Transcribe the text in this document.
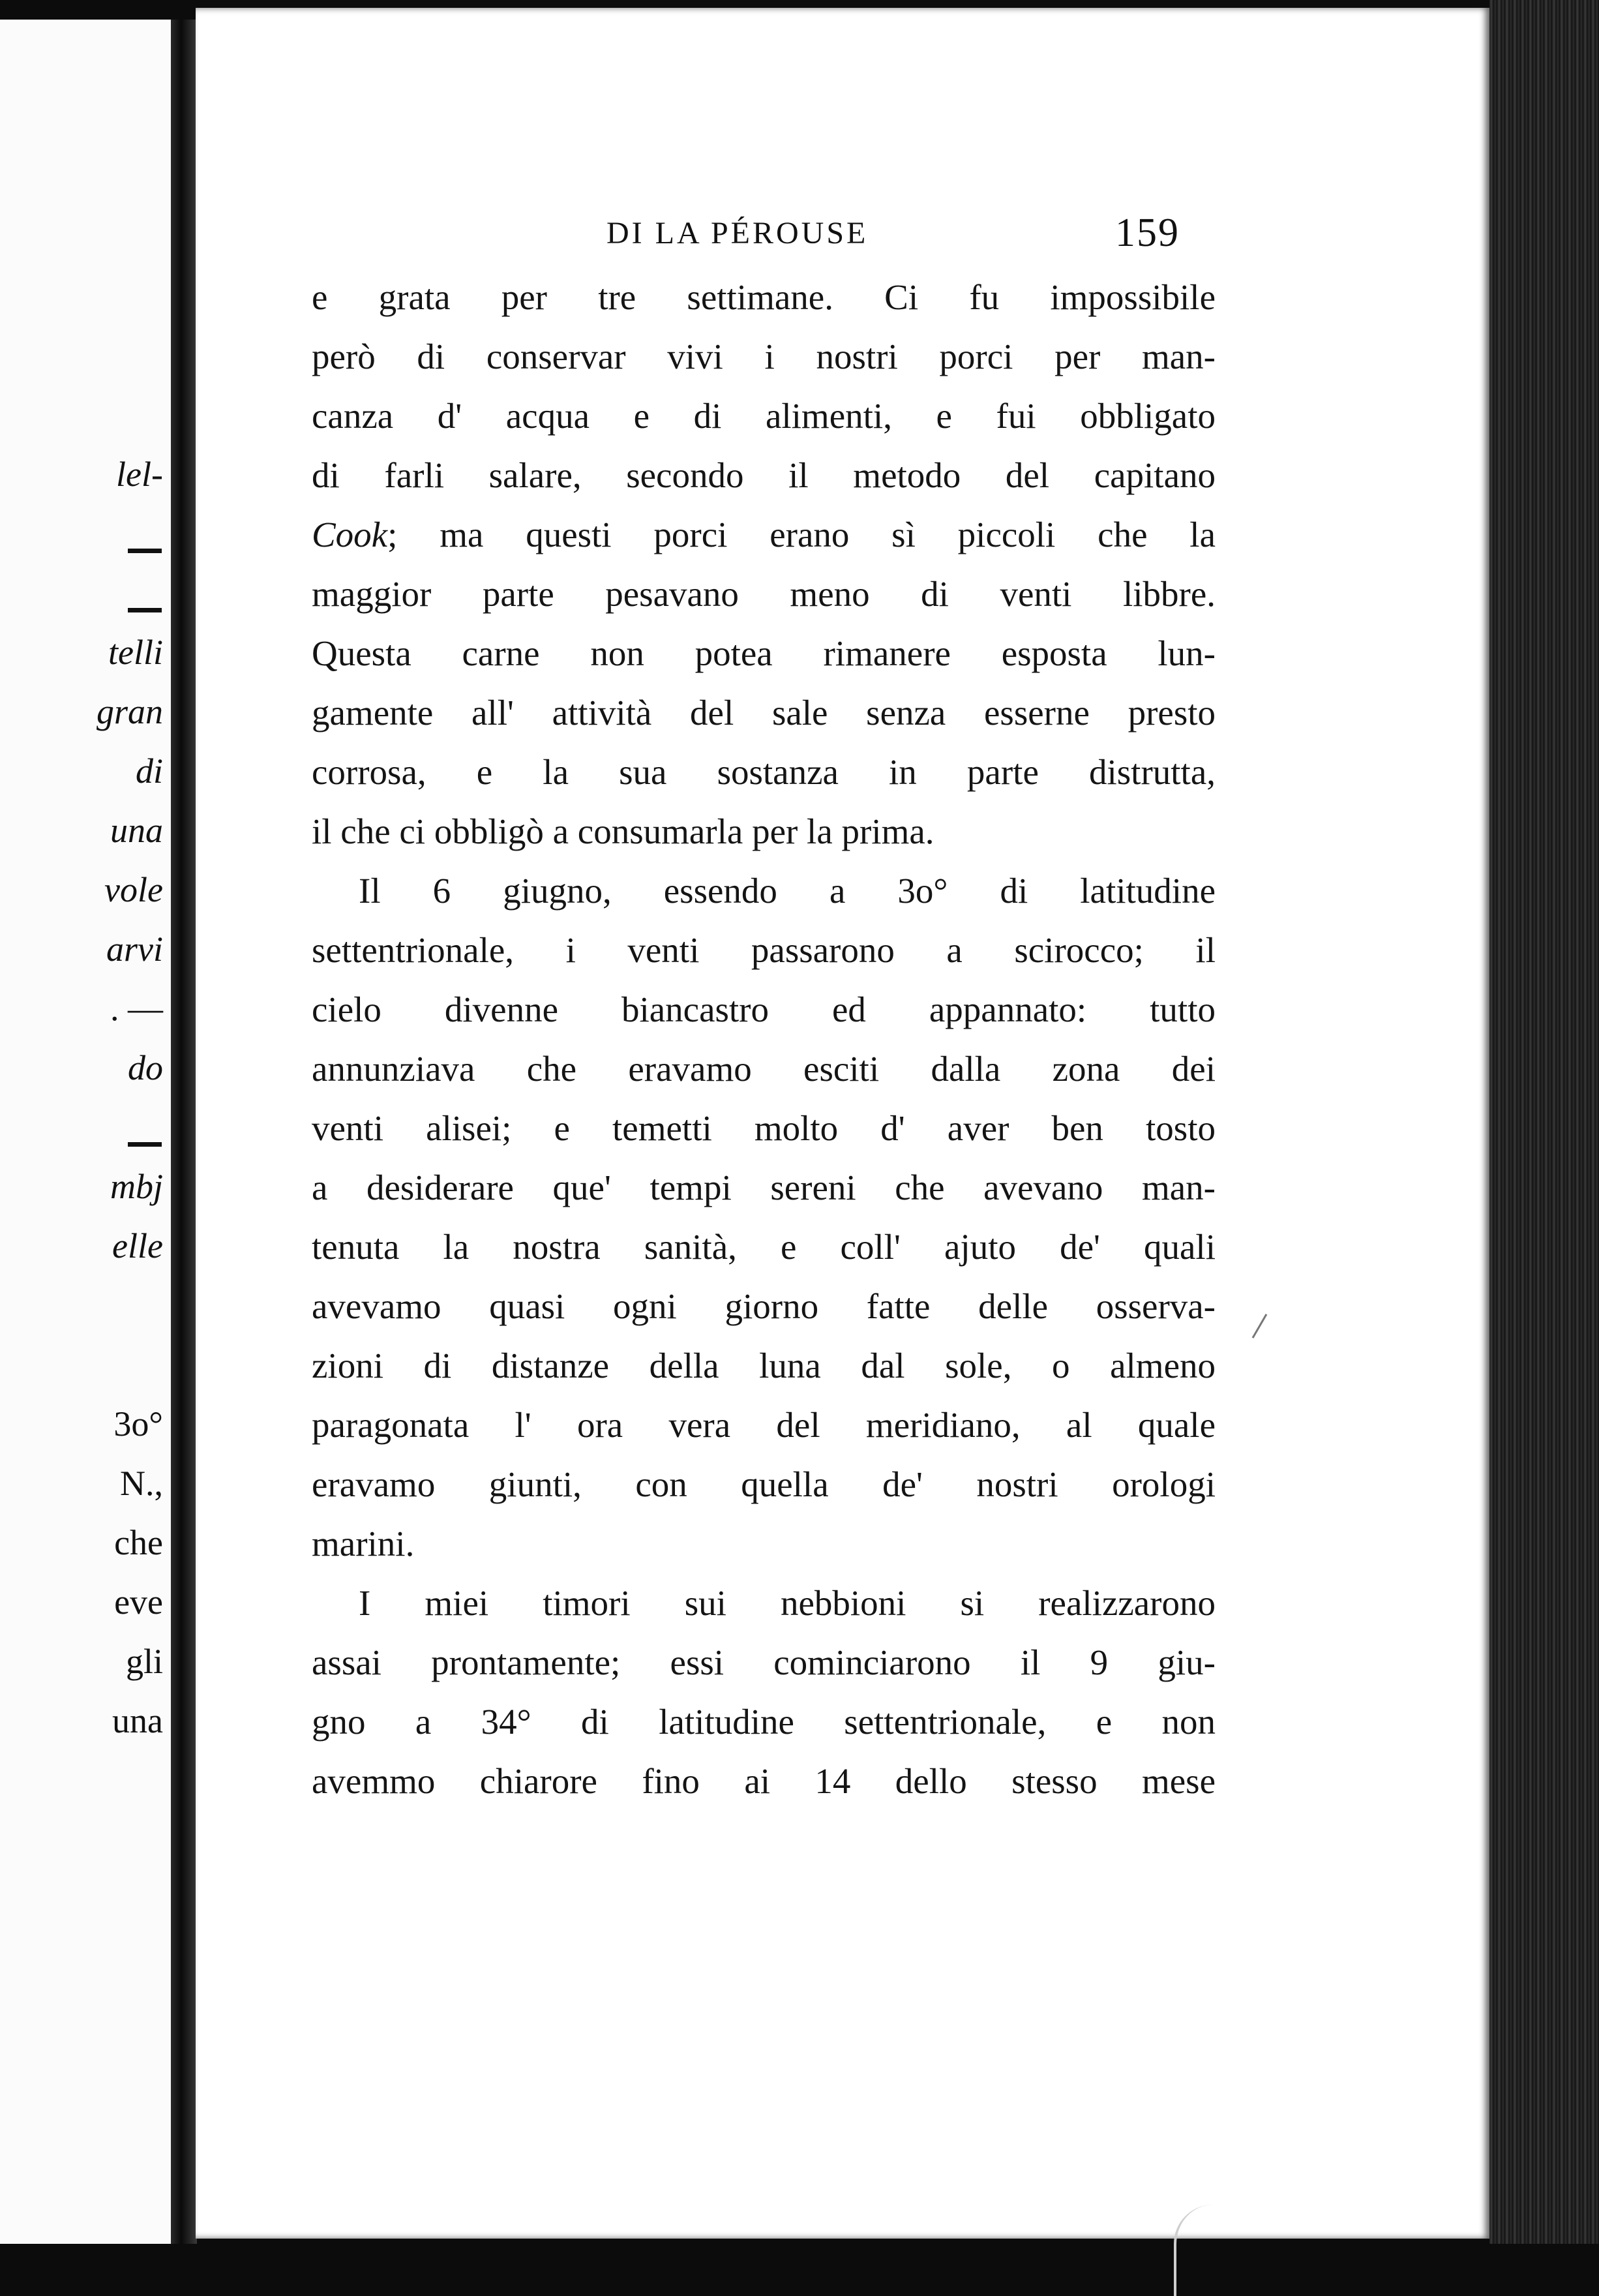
lel-
telli
gran
di
una
vole
arvi
. —
do
mbj
elle
3o°
N.,
che
eve
gli
una
DI LA PÉROUSE	159
e grata per tre settimane. Ci fu impossibile
però di conservar vivi i nostri porci per man-
canza d' acqua e di alimenti, e fui obbligato
di farli salare, secondo il metodo del capitano
Cook; ma questi porci erano sì piccoli che la
maggior parte pesavano meno di venti libbre.
Questa carne non potea rimanere esposta lun-
gamente all' attività del sale senza esserne presto
corrosa, e la sua sostanza in parte distrutta,
il che ci obbligò a consumarla per la prima.
Il 6 giugno, essendo a 3o° di latitudine
settentrionale, i venti passarono a scirocco; il
cielo divenne biancastro ed appannato: tutto
annunziava che eravamo esciti dalla zona dei
venti alisei; e temetti molto d' aver ben tosto
a desiderare que' tempi sereni che avevano man-
tenuta la nostra sanità, e coll' ajuto de' quali
avevamo quasi ogni giorno fatte delle osserva-
zioni di distanze della luna dal sole, o almeno
paragonata l' ora vera del meridiano, al quale
eravamo giunti, con quella de' nostri orologi
marini.
I miei timori sui nebbioni si realizzarono
assai prontamente; essi cominciarono il 9 giu-
gno a 34° di latitudine settentrionale, e non
avemmo chiarore fino ai 14 dello stesso mese
